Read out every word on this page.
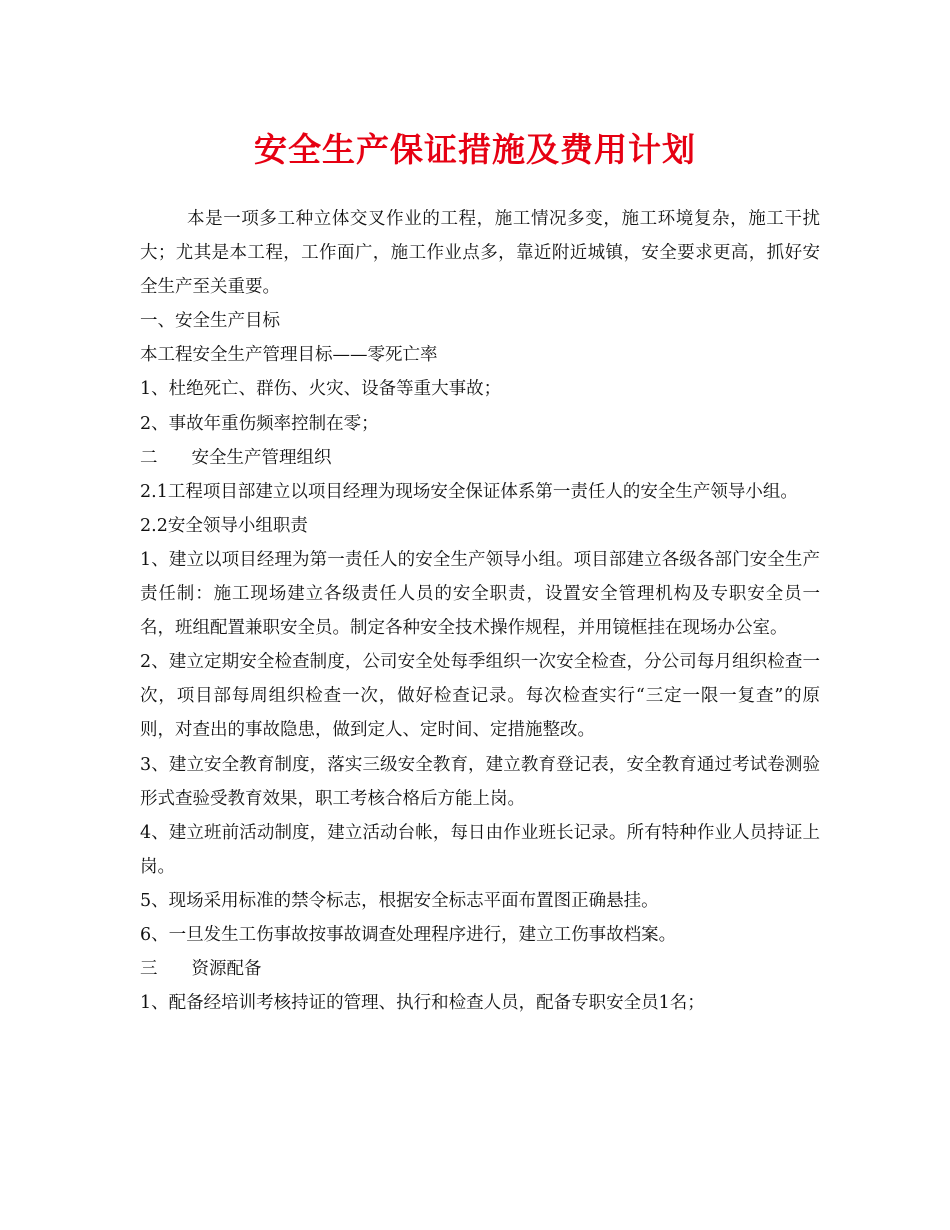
安全生产保证措施及费用计划

本是一项多工种立体交叉作业的工程，施工情况多变，施工环境复杂，施工干扰大；尤其是本工程，工作面广，施工作业点多，靠近附近城镇，安全要求更高，抓好安全生产至关重要。

一、安全生产目标

本工程安全生产管理目标——零死亡率

1、杜绝死亡、群伤、火灾、设备等重大事故；

2、事故年重伤频率控制在零；

二 安全生产管理组织

2.1工程项目部建立以项目经理为现场安全保证体系第一责任人的安全生产领导小组。

2.2安全领导小组职责

1、建立以项目经理为第一责任人的安全生产领导小组。项目部建立各级各部门安全生产责任制：施工现场建立各级责任人员的安全职责，设置安全管理机构及专职安全员一名，班组配置兼职安全员。制定各种安全技术操作规程，并用镜框挂在现场办公室。

2、建立定期安全检查制度，公司安全处每季组织一次安全检查，分公司每月组织检查一次，项目部每周组织检查一次，做好检查记录。每次检查实行“三定一限一复查”的原则，对查出的事故隐患，做到定人、定时间、定措施整改。

3、建立安全教育制度，落实三级安全教育，建立教育登记表，安全教育通过考试卷测验形式查验受教育效果，职工考核合格后方能上岗。

4、建立班前活动制度，建立活动台帐，每日由作业班长记录。所有特种作业人员持证上岗。

5、现场采用标准的禁令标志，根据安全标志平面布置图正确悬挂。

6、一旦发生工伤事故按事故调查处理程序进行，建立工伤事故档案。

三 资源配备

1、配备经培训考核持证的管理、执行和检查人员，配备专职安全员1名；
